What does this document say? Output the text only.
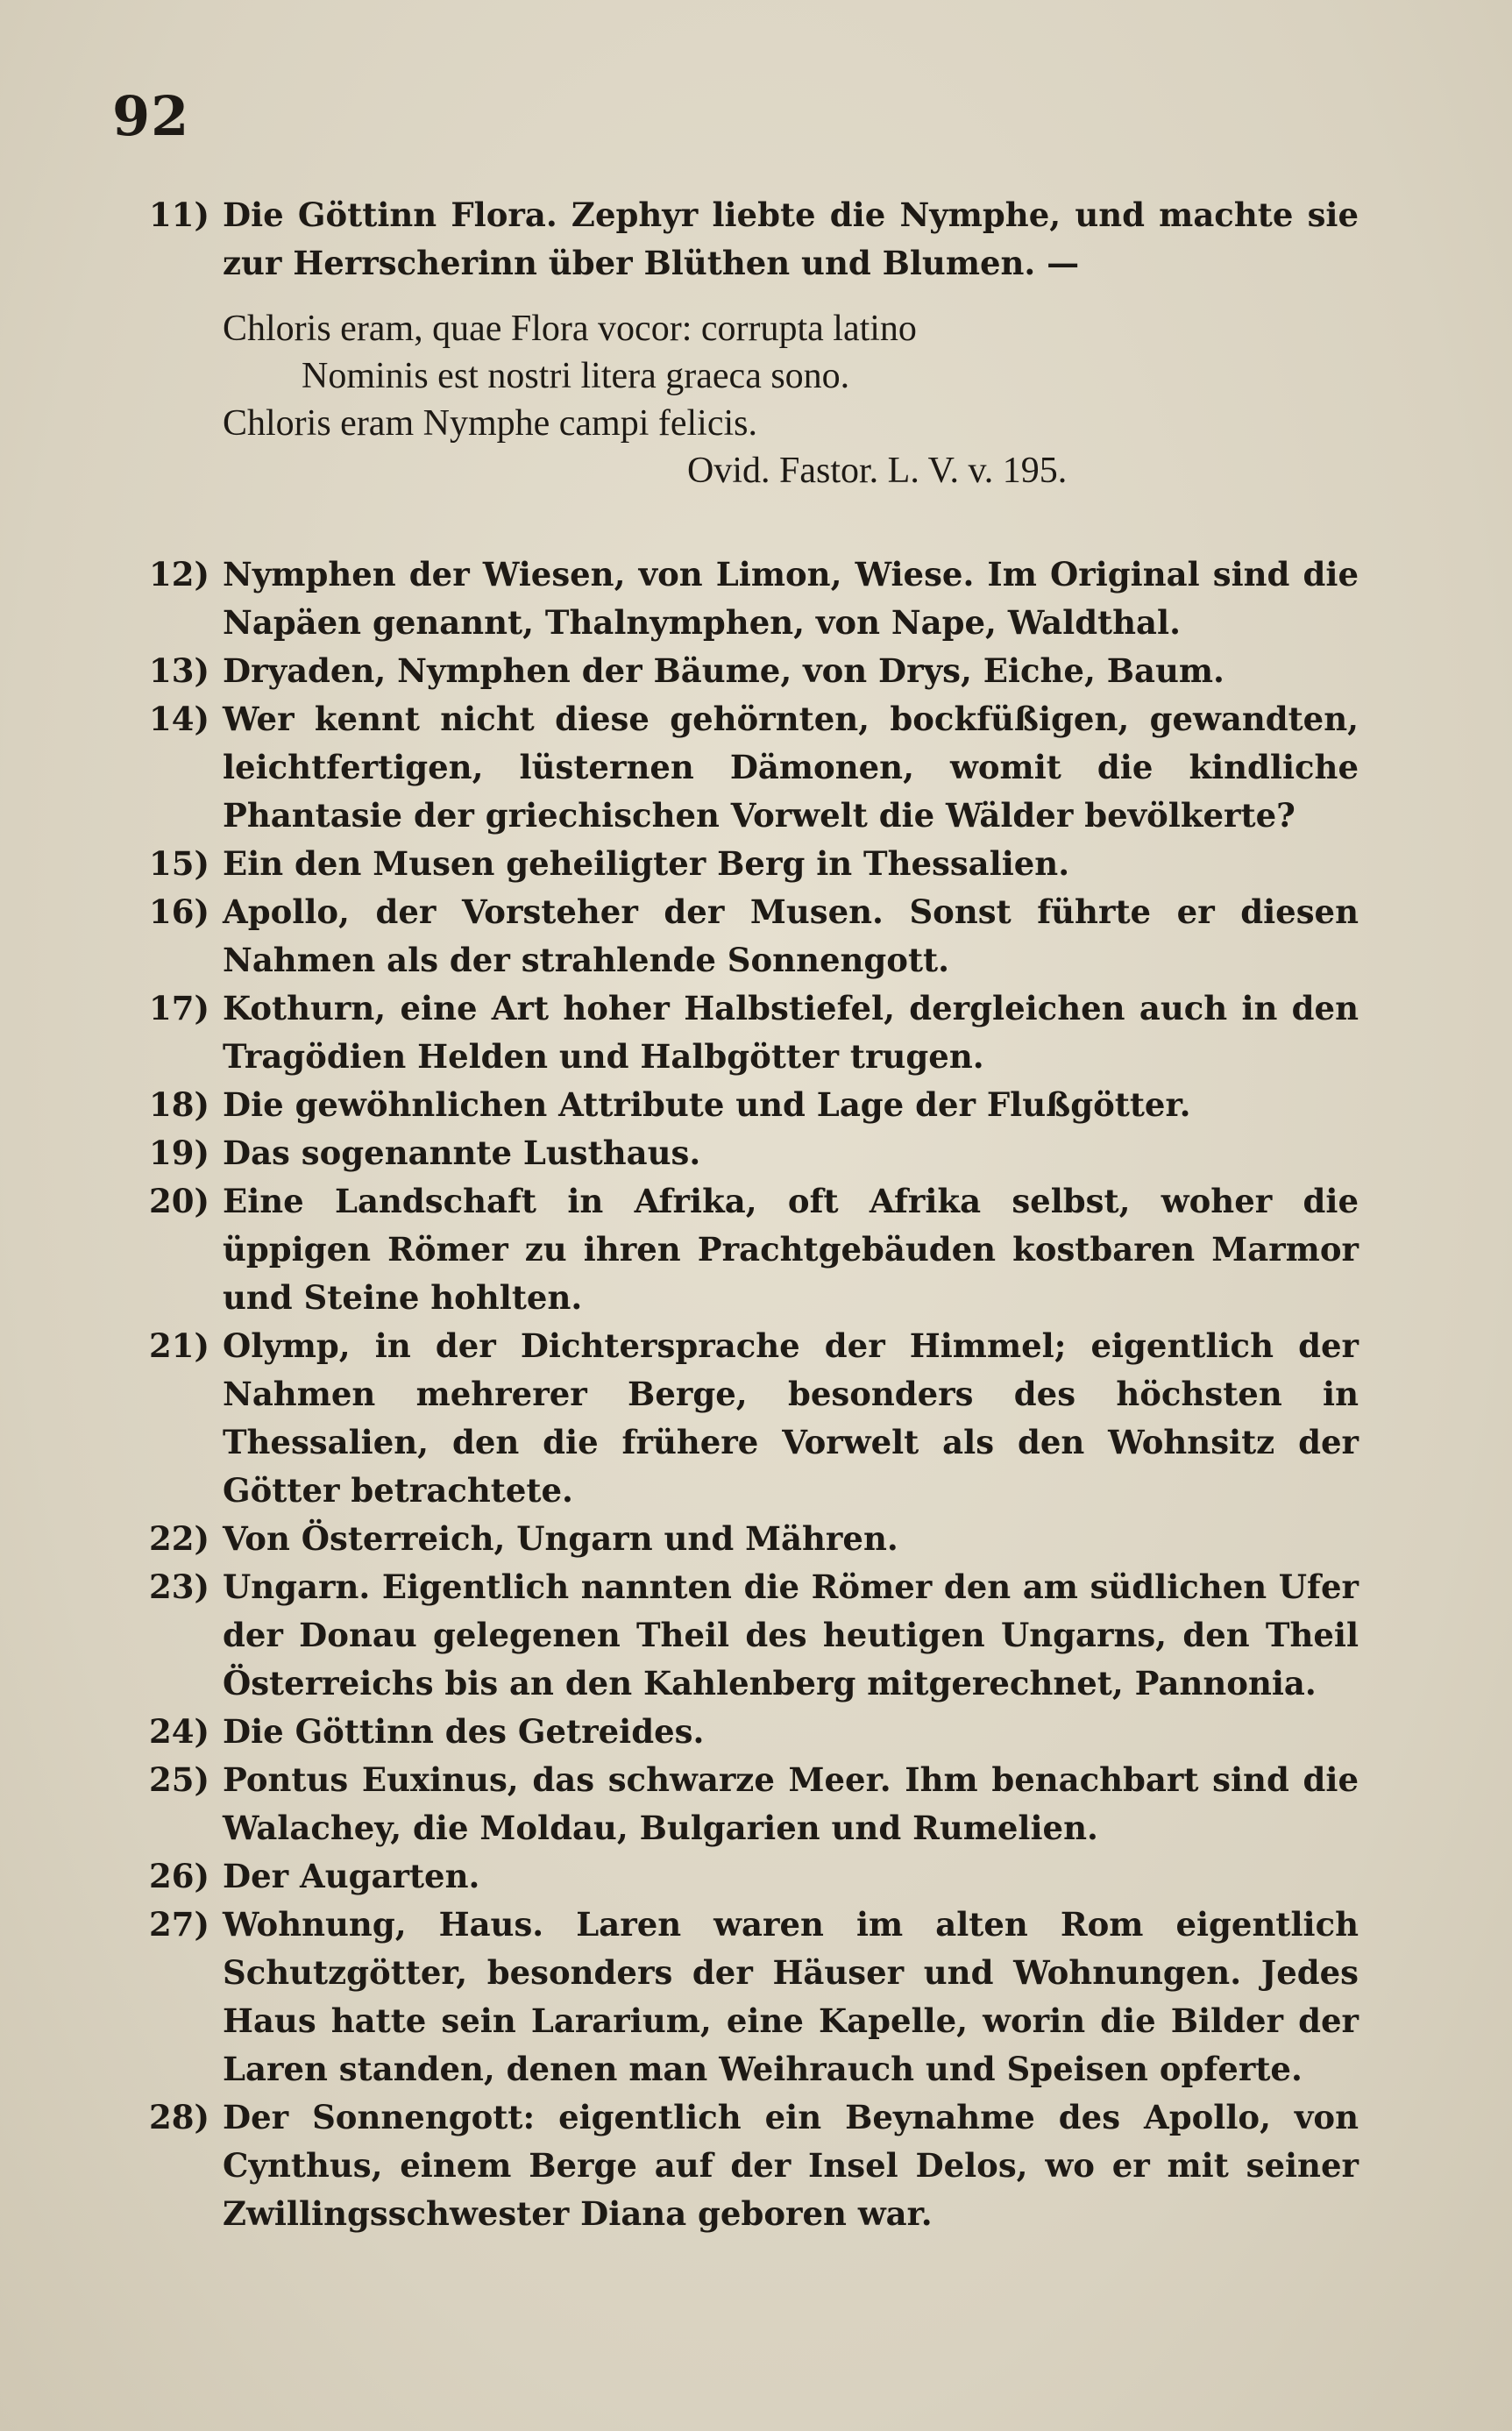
92

11) Die Göttinn Flora. Zephyr liebte die Nymphe, und machte sie zur Herrscherinn über Blüthen und Blumen. —

Chloris eram, quae Flora vocor: corrupta latino
Nominis est nostri litera graeca sono.
Chloris eram Nymphe campi felicis.
Ovid. Fastor. L. V. v. 195.

12) Nymphen der Wiesen, von Limon, Wiese. Im Original sind die Napäen genannt, Thalnymphen, von Nape, Waldthal.

13) Dryaden, Nymphen der Bäume, von Drys, Eiche, Baum.

14) Wer kennt nicht diese gehörnten, bockfüßigen, gewandten, leichtfertigen, lüsternen Dämonen, womit die kindliche Phantasie der griechischen Vorwelt die Wälder bevölkerte?

15) Ein den Musen geheiligter Berg in Thessalien.

16) Apollo, der Vorsteher der Musen. Sonst führte er diesen Nahmen als der strahlende Sonnengott.

17) Kothurn, eine Art hoher Halbstiefel, dergleichen auch in den Tragödien Helden und Halbgötter trugen.

18) Die gewöhnlichen Attribute und Lage der Flußgötter.

19) Das sogenannte Lusthaus.

20) Eine Landschaft in Afrika, oft Afrika selbst, woher die üppigen Römer zu ihren Prachtgebäuden kostbaren Marmor und Steine hohlten.

21) Olymp, in der Dichtersprache der Himmel; eigentlich der Nahmen mehrerer Berge, besonders des höchsten in Thessalien, den die frühere Vorwelt als den Wohnsitz der Götter betrachtete.

22) Von Österreich, Ungarn und Mähren.

23) Ungarn. Eigentlich nannten die Römer den am südlichen Ufer der Donau gelegenen Theil des heutigen Ungarns, den Theil Österreichs bis an den Kahlenberg mitgerechnet, Pannonia.

24) Die Göttinn des Getreides.

25) Pontus Euxinus, das schwarze Meer. Ihm benachbart sind die Walachey, die Moldau, Bulgarien und Rumelien.

26) Der Augarten.

27) Wohnung, Haus. Laren waren im alten Rom eigentlich Schutzgötter, besonders der Häuser und Wohnungen. Jedes Haus hatte sein Lararium, eine Kapelle, worin die Bilder der Laren standen, denen man Weihrauch und Speisen opferte.

28) Der Sonnengott: eigentlich ein Beynahme des Apollo, von Cynthus, einem Berge auf der Insel Delos, wo er mit seiner Zwillingsschwester Diana geboren war.
